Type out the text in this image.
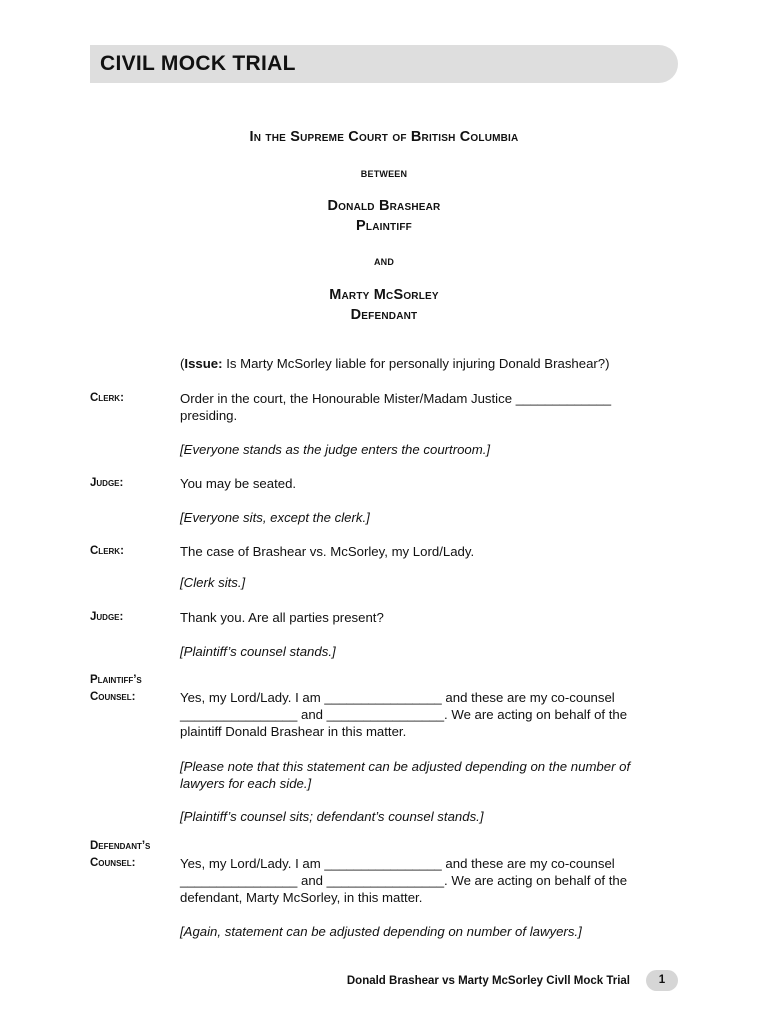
CIVIL MOCK TRIAL
In the Supreme Court of British Columbia
between
Donald Brashear
Plaintiff
and
Marty McSorley
Defendant
(Issue: Is Marty McSorley liable for personally injuring Donald Brashear?)
Clerk:	Order in the court, the Honourable Mister/Madam Justice _____________
presiding.
[Everyone stands as the judge enters the courtroom.]
Judge:	You may be seated.
[Everyone sits, except the clerk.]
Clerk:	The case of Brashear vs. McSorley, my Lord/Lady.
[Clerk sits.]
Judge:	Thank you. Are all parties present?
[Plaintiff’s counsel stands.]
Plaintiff’s
Counsel:	Yes, my Lord/Lady. I am ________________ and these are my co-counsel
________________ and ________________. We are acting on behalf of the
plaintiff Donald Brashear in this matter.
[Please note that this statement can be adjusted depending on the number of
lawyers for each side.]
[Plaintiff’s counsel sits; defendant’s counsel stands.]
Defendant’s
Counsel:	Yes, my Lord/Lady. I am ________________ and these are my co-counsel
________________ and ________________. We are acting on behalf of the
defendant, Marty McSorley, in this matter.
[Again, statement can be adjusted depending on number of lawyers.]
Donald Brashear vs Marty McSorley Civll Mock Trial	1
